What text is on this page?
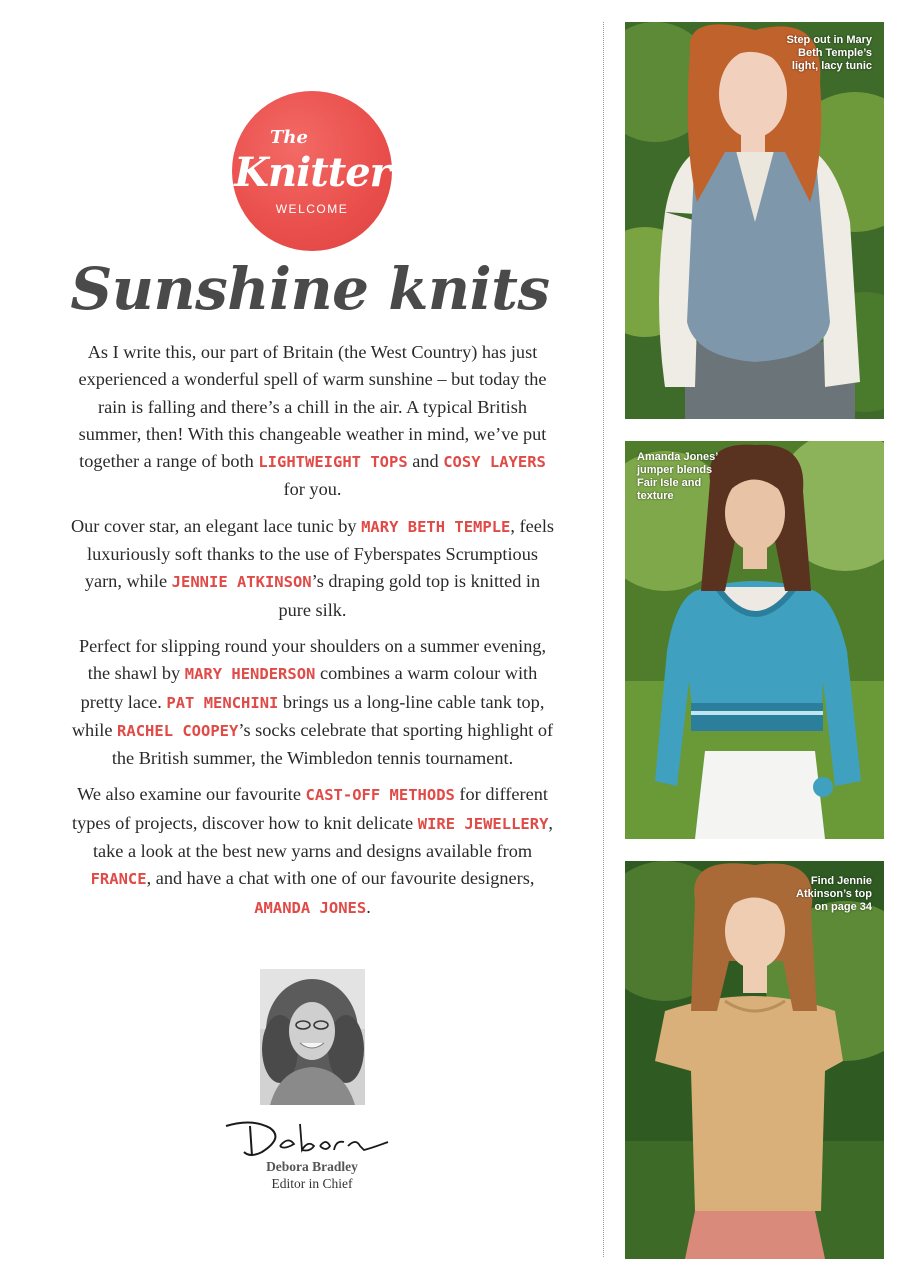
The
Knitter
WELCOME
Sunshine knits

As I write this, our part of Britain (the West Country) has just experienced a wonderful spell of warm sunshine – but today the rain is falling and there’s a chill in the air. A typical British summer, then! With this changeable weather in mind, we’ve put together a range of both LIGHTWEIGHT TOPS and COSY LAYERS for you.

Our cover star, an elegant lace tunic by MARY BETH TEMPLE, feels luxuriously soft thanks to the use of Fyberspates Scrumptious yarn, while JENNIE ATKINSON’s draping gold top is knitted in pure silk.

Perfect for slipping round your shoulders on a summer evening, the shawl by MARY HENDERSON combines a warm colour with pretty lace. PAT MENCHINI brings us a long-line cable tank top, while RACHEL COOPEY’s socks celebrate that sporting highlight of the British summer, the Wimbledon tennis tournament.

We also examine our favourite CAST-OFF METHODS for different types of projects, discover how to knit delicate WIRE JEWELLERY, take a look at the best new yarns and designs available from FRANCE, and have a chat with one of our favourite designers, AMANDA JONES.

Debora Bradley
Editor in Chief
Step out in Mary
Beth Temple’s
light, lacy tunic
Amanda Jones’
jumper blends
Fair Isle and
texture
Find Jennie
Atkinson’s top
on page 34
